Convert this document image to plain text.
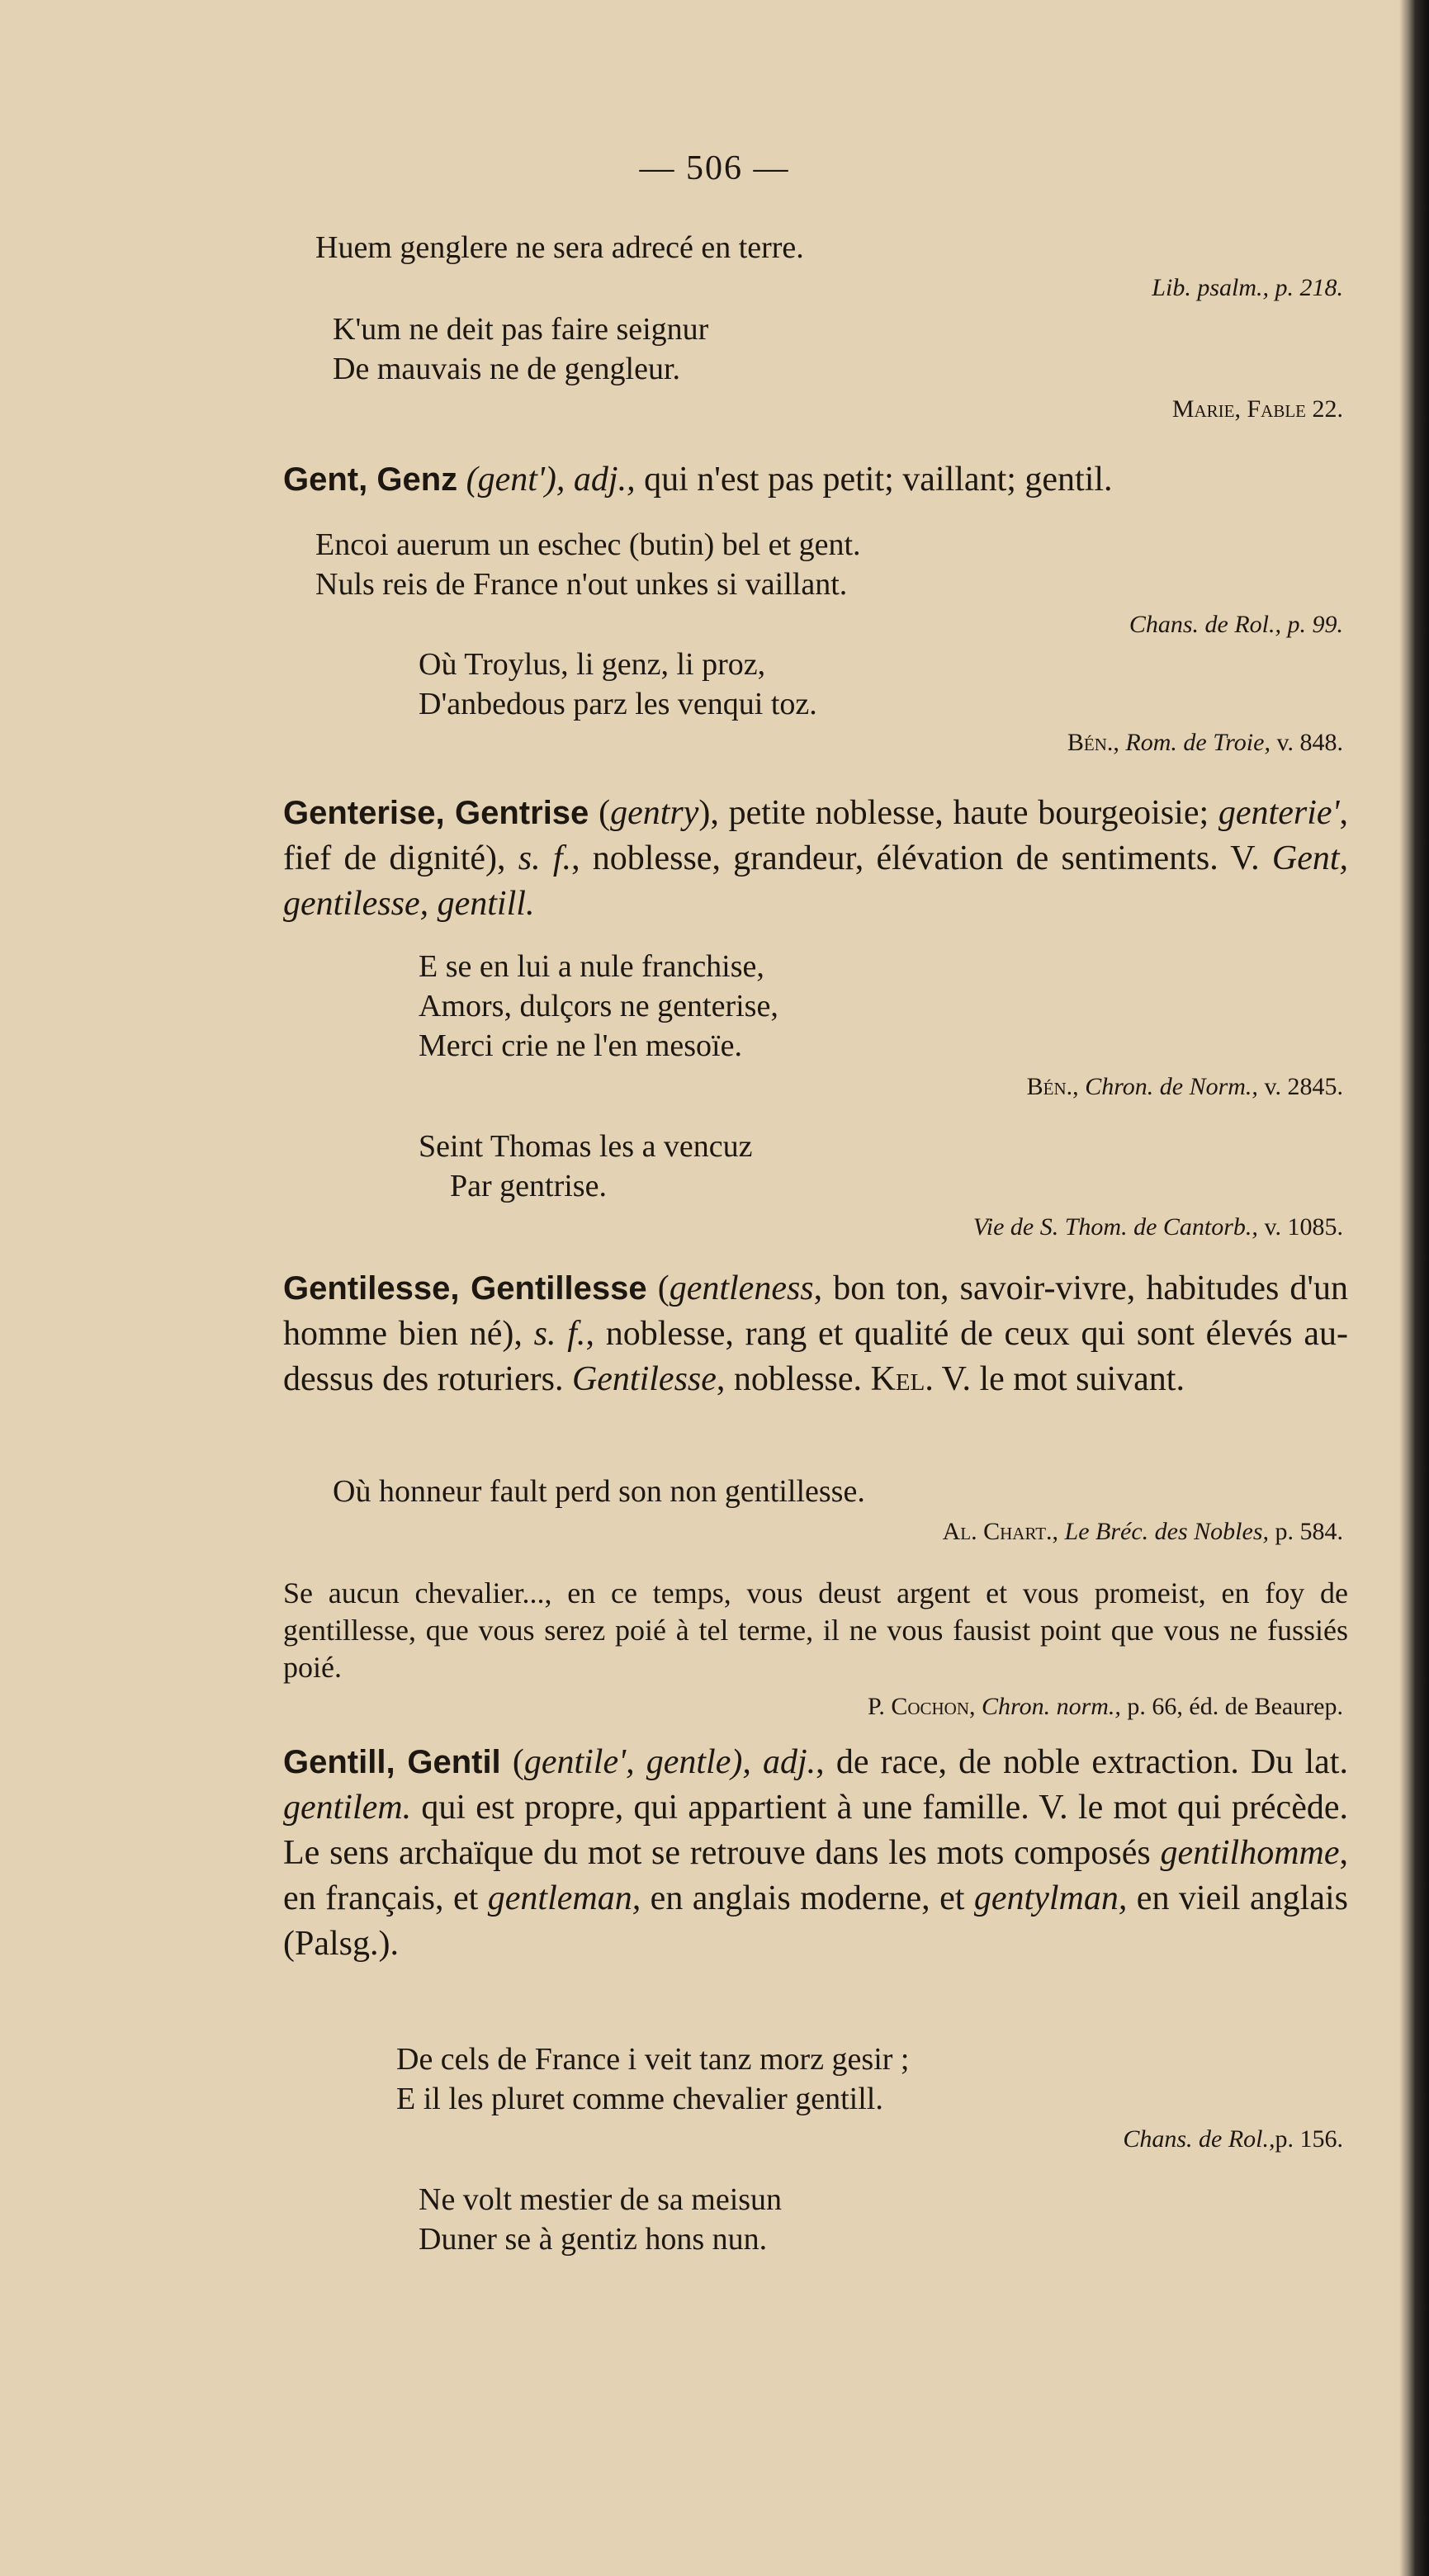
— 506 —
Huem genglere ne sera adrecé en terre.
Lib. psalm., p. 218.
K'um ne deit pas faire seignur
De mauvais ne de gengleur.
Marie, Fable 22.
Gent, Genz (gent'), adj., qui n'est pas petit; vaillant; gentil.
Encoi auerum un eschec (butin) bel et gent.
Nuls reis de France n'out unkes si vaillant.
Chans. de Rol., p. 99.
Où Troylus, li genz, li proz,
D'anbedous parz les venqui toz.
Bén., Rom. de Troie, v. 848.
Genterise, Gentrise (gentry), petite noblesse, haute bourgeoisie; genterie', fief de dignité), s. f., noblesse, grandeur, élévation de sentiments. V. Gent, gentilesse, gentill.
E se en lui a nule franchise,
Amors, dulçors ne genterise,
Merci crie ne l'en mesoïe.
Bén., Chron. de Norm., v. 2845.
Seint Thomas les a vencuz
Par gentrise.
Vie de S. Thom. de Cantorb., v. 1085.
Gentilesse, Gentillesse (gentleness, bon ton, savoir-vivre, habitudes d'un homme bien né), s. f., noblesse, rang et qualité de ceux qui sont élevés au-dessus des roturiers. Gentilesse, noblesse. Kel. V. le mot suivant.
Où honneur fault perd son non gentillesse.
Al. Chart., Le Bréc. des Nobles, p. 584.
Se aucun chevalier..., en ce temps, vous deust argent et vous promeist, en foy de gentillesse, que vous serez poié à tel terme, il ne vous fausist point que vous ne fussiés poié.
P. Cochon, Chron. norm., p. 66, éd. de Beaurep.
Gentill, Gentil (gentile', gentle), adj., de race, de noble extraction. Du lat. gentilem. qui est propre, qui appartient à une famille. V. le mot qui précède. Le sens archaïque du mot se retrouve dans les mots composés gentilhomme, en français, et gentleman, en anglais moderne, et gentylman, en vieil anglais (Palsg.).
De cels de France i veit tanz morz gesir ;
E il les pluret comme chevalier gentill.
Chans. de Rol.,p. 156.
Ne volt mestier de sa meisun
Duner se à gentiz hons nun.
